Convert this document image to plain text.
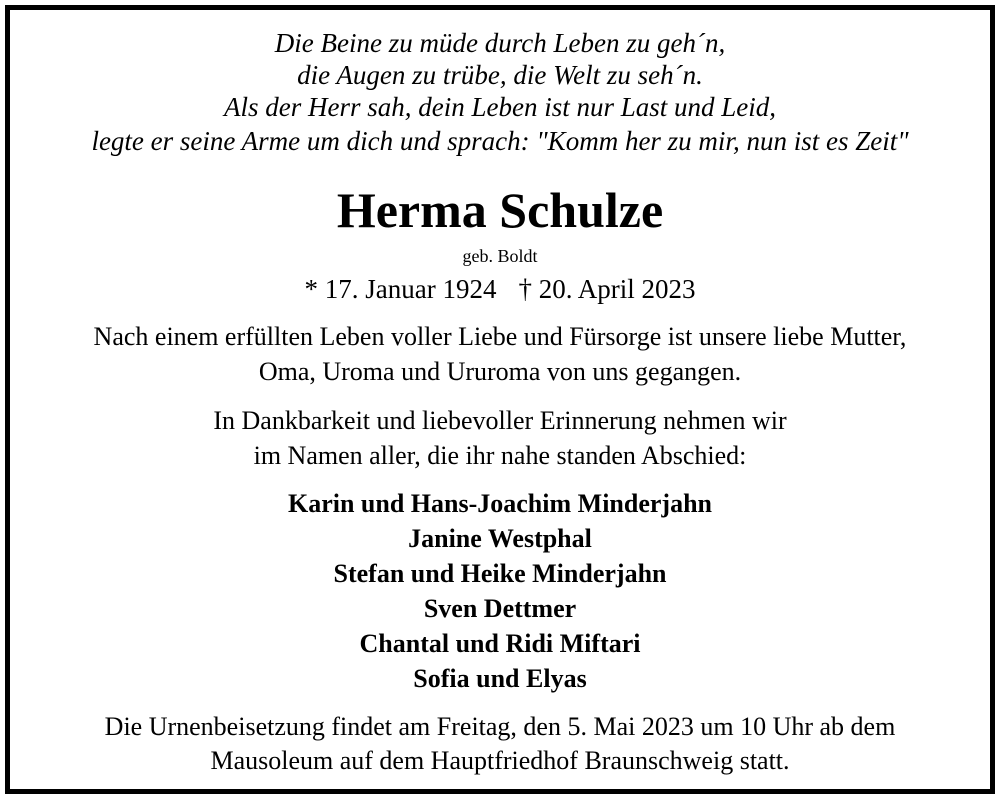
Die Beine zu müde durch Leben zu geh´n,
die Augen zu trübe, die Welt zu seh´n.
Als der Herr sah, dein Leben ist nur Last und Leid,
legte er seine Arme um dich und sprach: "Komm her zu mir, nun ist es Zeit"
Herma Schulze
geb. Boldt
* 17. Januar 1924 † 20. April 2023
Nach einem erfüllten Leben voller Liebe und Fürsorge ist unsere liebe Mutter,
Oma, Uroma und Ururoma von uns gegangen.
In Dankbarkeit und liebevoller Erinnerung nehmen wir
im Namen aller, die ihr nahe standen Abschied:
Karin und Hans-Joachim Minderjahn
Janine Westphal
Stefan und Heike Minderjahn
Sven Dettmer
Chantal und Ridi Miftari
Sofia und Elyas
Die Urnenbeisetzung findet am Freitag, den 5. Mai 2023 um 10 Uhr ab dem
Mausoleum auf dem Hauptfriedhof Braunschweig statt.
